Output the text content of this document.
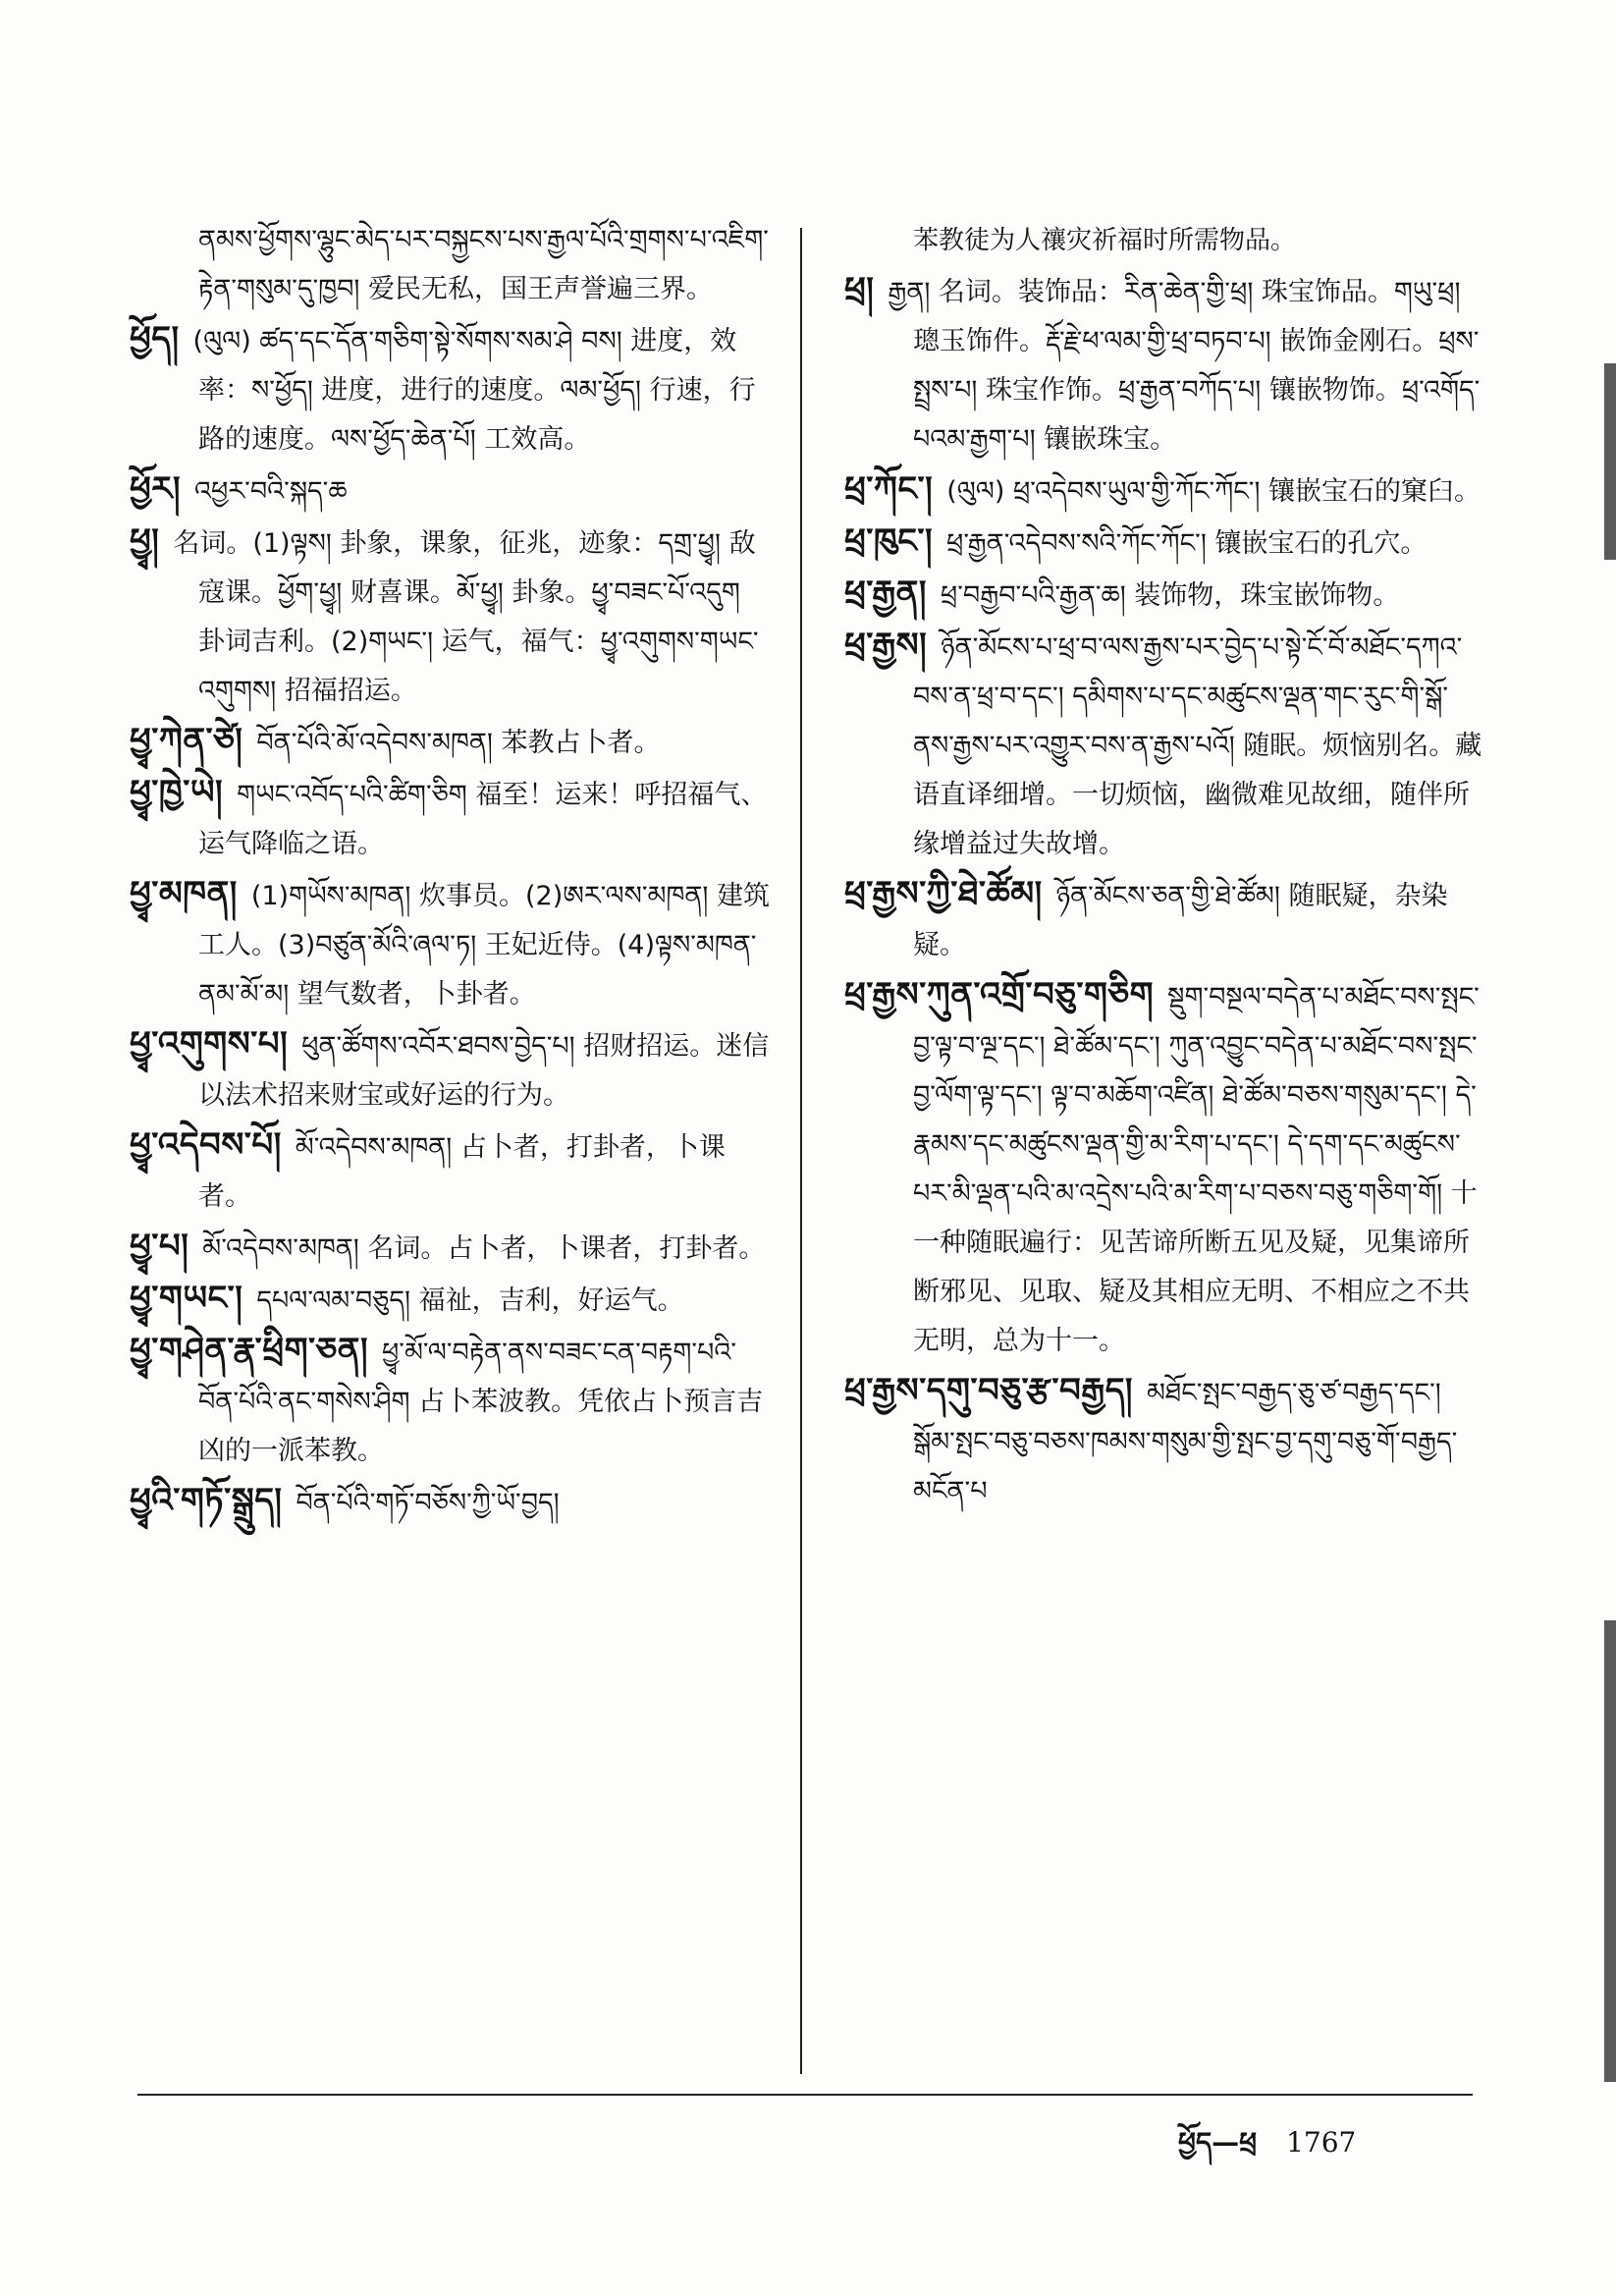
ནམས་ཕྱོགས་ལྷུང་མེད་པར་བསྐྱངས་པས་རྒྱལ་པོའི་གྲགས་པ་འཇིག་རྟེན་གསུམ་དུ་ཁྱབ། 爱民无私，国王声誉遍三界。
ཕྱོད། (ལུལ) ཚད་དང་དོན་གཅིག་སྟེ་སོགས་སམ་ཤེ བས། 进度，效率：ས་ཕྱོད། 进度，进行的速度。ལམ་ཕྱོད། 行速，行路的速度。ལས་ཕྱོད་ཆེན་པོ། 工效高。
ཕྱོར། འཕྱར་བའི་སྐད་ཆ
ཕྱྭ། 名词。(1)ལྟས། 卦象，课象，征兆，迹象：དགྲ་ཕྱྭ། 敌寇课。ཕྱོག་ཕྱྭ། 财喜课。མོ་ཕྱྭ། 卦象。ཕྱྭ་བཟང་པོ་འདུག 卦词吉利。(2)གཡང་། 运气，福气：ཕྱྭ་འགུགས་གཡང་འགུགས། 招福招运。
ཕྱྭ་ཀེན་ཙེ། བོན་པོའི་མོ་འདེབས་མཁན། 苯教占卜者。
ཕྱྭ་ཁྱེ་ཡེ། གཡང་འབོད་པའི་ཚིག་ཅིག 福至！运来！呼招福气、运气降临之语。
ཕྱྭ་མཁན། (1)གཡོས་མཁན། 炊事员。(2)ཨར་ལས་མཁན། 建筑工人。(3)བཙུན་མོའི་ཞལ་ཏ། 王妃近侍。(4)ལྟས་མཁན་ནམ་མོ་མ། 望气数者，卜卦者。
ཕྱྭ་འགུགས་པ། ཕུན་ཚོགས་འབོར་ཐབས་བྱེད་པ། 招财招运。迷信以法术招来财宝或好运的行为。
ཕྱྭ་འདེབས་པོ། མོ་འདེབས་མཁན། 占卜者，打卦者，卜课者。
ཕྱྭ་པ། མོ་འདེབས་མཁན། 名词。占卜者，卜课者，打卦者。
ཕྱྭ་གཡང་། དཔལ་ལམ་བཅུད། 福祉，吉利，好运气。
ཕྱྭ་གཤེན་རྣ་ཕྲིག་ཅན། ཕྱྭ་མོ་ལ་བརྟེན་ནས་བཟང་ངན་བརྟག་པའི་བོན་པོའི་ནང་གསེས་ཤིག 占卜苯波教。凭依占卜预言吉凶的一派苯教。
ཕྱྭའི་གཏོ་སྒྲུད། བོན་པོའི་གཏོ་བཅོས་ཀྱི་ཡོ་བྱད།
苯教徒为人禳灾祈福时所需物品。
ཕྲ། རྒྱན། 名词。装饰品：རིན་ཆེན་གྱི་ཕྲ། 珠宝饰品。གཡུ་ཕྲ། 璁玉饰件。རྡོ་རྗེ་ཕ་ལམ་གྱི་ཕྲ་བཏབ་པ། 嵌饰金刚石。ཕྲས་སྤྲས་པ། 珠宝作饰。ཕྲ་རྒྱན་བཀོད་པ། 镶嵌物饰。ཕྲ་འགོད་པའམ་རྒྱག་པ། 镶嵌珠宝。
ཕྲ་ཀོང་། (ལུལ) ཕྲ་འདེབས་ཡུལ་གྱི་ཀོང་ཀོང་། 镶嵌宝石的窠臼。
ཕྲ་ཁུང་། ཕྲ་རྒྱན་འདེབས་སའི་ཀོང་ཀོང་། 镶嵌宝石的孔穴。
ཕྲ་རྒྱན། ཕྲ་བརྒྱབ་པའི་རྒྱན་ཆ། 装饰物，珠宝嵌饰物。
ཕྲ་རྒྱས། ཉོན་མོངས་པ་ཕྲ་བ་ལས་རྒྱས་པར་བྱེད་པ་སྟེ་ངོ་བོ་མཐོང་དཀའ་བས་ན་ཕྲ་བ་དང་། དམིགས་པ་དང་མཚུངས་ལྡན་གང་རུང་གི་སྒོ་ནས་རྒྱས་པར་འགྱུར་བས་ན་རྒྱས་པའོ། 随眠。烦恼别名。藏语直译细增。一切烦恼，幽微难见故细，随伴所缘增益过失故增。
ཕྲ་རྒྱས་ཀྱི་ཐེ་ཚོམ། ཉོན་མོངས་ཅན་གྱི་ཐེ་ཚོམ། 随眠疑，杂染疑。
ཕྲ་རྒྱས་ཀུན་འགྲོ་བཅུ་གཅིག སྡུག་བསྔལ་བདེན་པ་མཐོང་བས་སྤང་བྱ་ལྟ་བ་ལྔ་དང་། ཐེ་ཚོམ་དང་། ཀུན་འབྱུང་བདེན་པ་མཐོང་བས་སྤང་བྱ་ལོག་ལྟ་དང་། ལྟ་བ་མཆོག་འཛིན། ཐེ་ཚོམ་བཅས་གསུམ་དང་། དེ་རྣམས་དང་མཚུངས་ལྡན་གྱི་མ་རིག་པ་དང་། དེ་དག་དང་མཚུངས་པར་མི་ལྡན་པའི་མ་འདྲེས་པའི་མ་རིག་པ་བཅས་བཅུ་གཅིག་གོ། 十一种随眠遍行：见苦谛所断五见及疑，见集谛所断邪见、见取、疑及其相应无明、不相应之不共无明，总为十一。
ཕྲ་རྒྱས་དགུ་བཅུ་རྩ་བརྒྱད། མཐོང་སྤང་བརྒྱད་ཅུ་ཙ་བརྒྱད་དང་། སྒོམ་སྤང་བཅུ་བཅས་ཁམས་གསུམ་གྱི་སྤང་བྱ་དགུ་བཅུ་གོ་བརྒྱད་མངོན་པ
ཕྱོད—ཕྲ 1767
